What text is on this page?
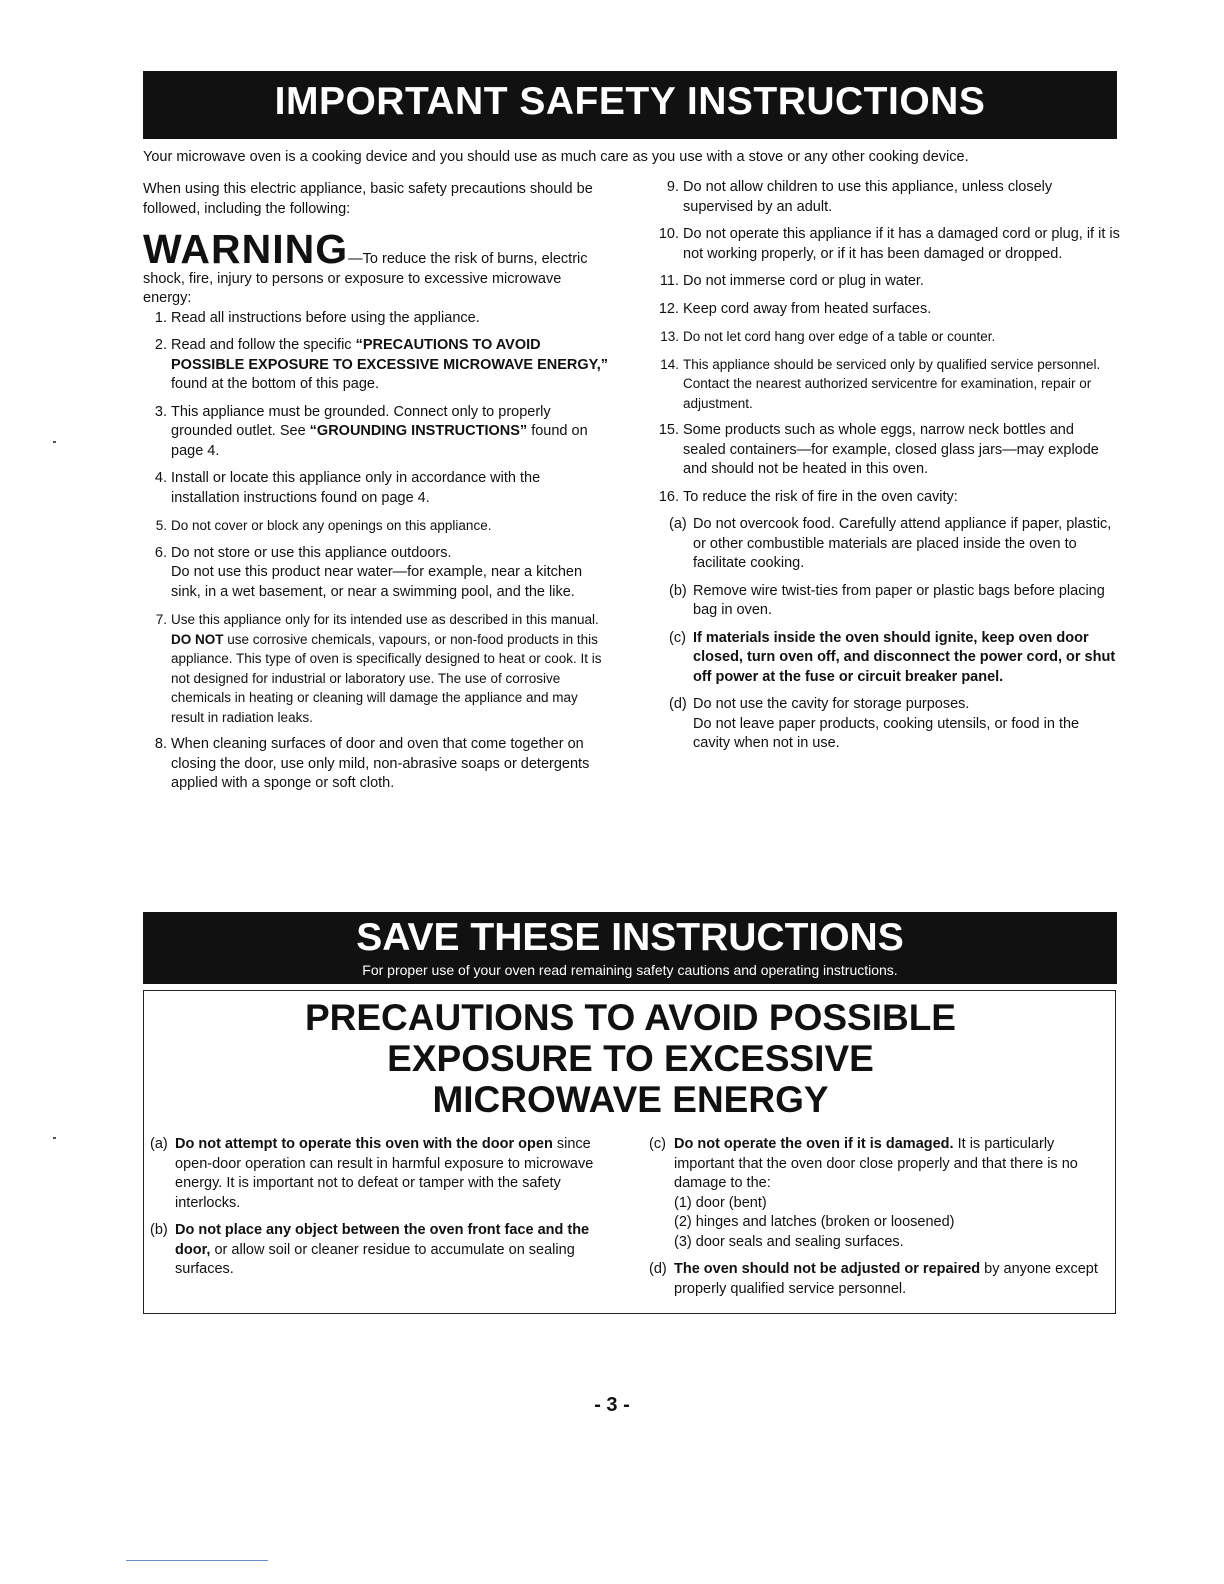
IMPORTANT SAFETY INSTRUCTIONS
Your microwave oven is a cooking device and you should use as much care as you use with a stove or any other cooking device.

When using this electric appliance, basic safety precautions should be followed, including the following:

WARNING—To reduce the risk of burns, electric shock, fire, injury to persons or exposure to excessive microwave energy:

1. Read all instructions before using the appliance.
2. Read and follow the specific “PRECAUTIONS TO AVOID POSSIBLE EXPOSURE TO EXCESSIVE MICROWAVE ENERGY,” found at the bottom of this page.
3. This appliance must be grounded. Connect only to properly grounded outlet. See “GROUNDING INSTRUCTIONS” found on page 4.
4. Install or locate this appliance only in accordance with the installation instructions found on page 4.
5. Do not cover or block any openings on this appliance.
6. Do not store or use this appliance outdoors.
Do not use this product near water—for example, near a kitchen sink, in a wet basement, or near a swimming pool, and the like.
7. Use this appliance only for its intended use as described in this manual. DO NOT use corrosive chemicals, vapours, or non-food products in this appliance. This type of oven is specifically designed to heat or cook. It is not designed for industrial or laboratory use. The use of corrosive chemicals in heating or cleaning will damage the appliance and may result in radiation leaks.
8. When cleaning surfaces of door and oven that come together on closing the door, use only mild, non-abrasive soaps or detergents applied with a sponge or soft cloth.
9. Do not allow children to use this appliance, unless closely supervised by an adult.
10. Do not operate this appliance if it has a damaged cord or plug, if it is not working properly, or if it has been damaged or dropped.
11. Do not immerse cord or plug in water.
12. Keep cord away from heated surfaces.
13. Do not let cord hang over edge of a table or counter.
14. This appliance should be serviced only by qualified service personnel. Contact the nearest authorized servicentre for examination, repair or adjustment.
15. Some products such as whole eggs, narrow neck bottles and sealed containers—for example, closed glass jars—may explode and should not be heated in this oven.
16. To reduce the risk of fire in the oven cavity:
(a) Do not overcook food. Carefully attend appliance if paper, plastic, or other combustible materials are placed inside the oven to facilitate cooking.
(b) Remove wire twist-ties from paper or plastic bags before placing bag in oven.
(c) If materials inside the oven should ignite, keep oven door closed, turn oven off, and disconnect the power cord, or shut off power at the fuse or circuit breaker panel.
(d) Do not use the cavity for storage purposes.
Do not leave paper products, cooking utensils, or food in the cavity when not in use.
SAVE THESE INSTRUCTIONS
For proper use of your oven read remaining safety cautions and operating instructions.
PRECAUTIONS TO AVOID POSSIBLE
EXPOSURE TO EXCESSIVE
MICROWAVE ENERGY
(a) Do not attempt to operate this oven with the door open since open-door operation can result in harmful exposure to microwave energy. It is important not to defeat or tamper with the safety interlocks.
(b) Do not place any object between the oven front face and the door, or allow soil or cleaner residue to accumulate on sealing surfaces.
(c) Do not operate the oven if it is damaged. It is particularly important that the oven door close properly and that there is no damage to the:
(1) door (bent)
(2) hinges and latches (broken or loosened)
(3) door seals and sealing surfaces.
(d) The oven should not be adjusted or repaired by anyone except properly qualified service personnel.
- 3 -
